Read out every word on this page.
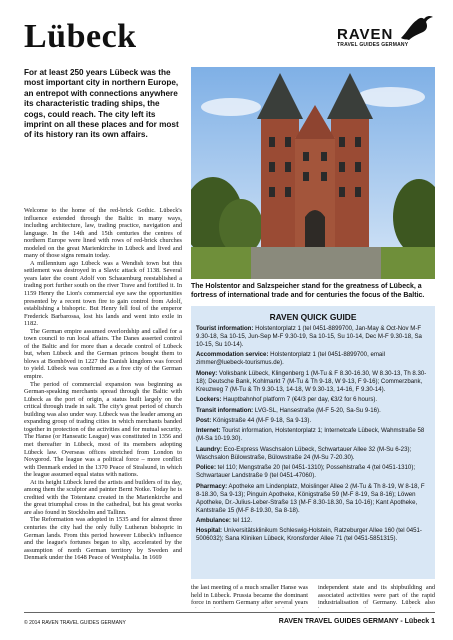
Lübeck	RAVEN
TRAVEL GUIDES GERMANY

For at least 250 years Lübeck was the most important city in northern Europe, an entrepot with connections anywhere its characteristic trading ships, the cogs, could reach. The city left its imprint on all these places and for most of its history ran its own affairs.

Welcome to the home of the red-brick Gothic. Lübeck's influence extended through the Baltic in many ways, including architecture, law, trading practice, navigation and language. In the 14th and 15th centuries the centres of northern Europe were lined with rows of red-brick churches modeled on the great Marienkirche in Lübeck and lived and many of those signs remain today.

A millennium ago Lübeck was a Wendish town but this settlement was destroyed in a Slavic attack of 1138. Several years later the count Adolf von Schauenburg reestablished a trading port further south on the river Trave and fortified it. In 1159 Henry the Lion's commercial eye saw the opportunities presented by a recent town fire to gain control from Adolf, establishing a bishopric. But Henry fell foul of the emperor Frederick Barbarossa, lost his lands and went into exile in 1182.

The German empire assumed overlordship and called for a town council to run local affairs. The Danes asserted control of the Baltic and for more than a decade control of Lübeck but, when Lübeck and the German princes bought them to blows at Bornhöved in 1227 the Danish kingdom was forced to yield. Lübeck was confirmed as a free city of the German empire.

The period of commercial expansion was beginning as German-speaking merchants spread through the Baltic with Lübeck as the port of origin, a status built largely on the critical through trade in salt. The city's great period of church building was also under way. Lübeck was the leader among an expanding group of trading cities in which merchants banded together in protection of the activities and for mutual security. The Hanse (or Hanseatic League) was constituted in 1356 and met thereafter in Lübeck, most of its members adopting Lübeck law. Overseas offices stretched from London to Novgorod. The league was a political force – more conflict with Denmark ended in the 1370 Peace of Stralsund, in which the league assumed equal status with nations.

At its height Lübeck lured the artists and builders of its day, among them the sculptor and painter Bernt Notke. Today he is credited with the Totentanz created in the Marienkirche and the great triumphal cross in the cathedral, but his great works are also found in Stockholm and Tallinn.

The Reformation was adopted in 1535 and for almost three centuries the city had the only fully Lutheran bishopric in German lands. From this period however Lübeck's influence and the league's fortunes began to slip, accelerated by the assumption of north German territory by Sweden and Denmark under the 1648 Peace of Westphalia. In 1669

The Holstentor and Salzspeicher stand for the greatness of Lübeck, a fortress of international trade and for centuries the focus of the Baltic.

RAVEN QUICK GUIDE
Tourist information: Holstentorplatz 1 (tel 0451-8899700, Jan-May & Oct-Nov M-F 9.30-18, Sa 10-15, Jun-Sep M-F 9.30-19, Sa 10-15, Su 10-14, Dec M-F 9.30-18, Sa 10-15, Su 10-14).
Accommodation service: Holstentorplatz 1 (tel 0451-8899700, email zimmer@luebeck-tourismus.de).
Money: Volksbank Lübeck, Klingenberg 1 (M-Tu & F 8.30-16.30, W 8.30-13, Th 8.30-18); Deutsche Bank, Kohlmarkt 7 (M-Tu & Th 9-18, W 9-13, F 9-16); Commerzbank, Kreuzweg 7 (M-Tu & Th 9.30-13, 14-18, W 9.30-13, 14-16, F 9.30-14).
Lockers: Hauptbahnhof platform 7 (€4/3 per day, €3/2 for 6 hours).
Transit information: LVG-SL, Hansestraße (M-F 5-20, Sa-Su 9-16).
Post: Königstraße 44 (M-F 9-18, Sa 9-13).
Internet: Tourist information, Holstentorplatz 1; Internetcafe Lübeck, Wahmstraße 58 (M-Sa 10-19.30).
Laundry: Eco-Express Waschsalon Lübeck, Schwartauer Allee 32 (M-Su 6-23); Waschsalon Bülowstraße, Bülowstraße 24 (M-Su 7-20.30).
Police: tel 110; Mengstraße 20 (tel 0451-1310); Possehlstraße 4 (tel 0451-1310); Schwartauer Landstraße 9 (tel 0451-47060).
Pharmacy: Apotheke am Lindenplatz, Moislinger Allee 2 (M-Tu & Th 8-19, W 8-18, F 8-18.30, Sa 9-13); Pinguin Apotheke, Königstraße 59 (M-F 8-19, Sa 8-16); Löwen Apotheke, Dr.-Julius-Leber-Straße 13 (M-F 8.30-18.30, Sa 10-16); Kant Apotheke, Kantstraße 15 (M-F 8-19.30, Sa 8-18).
Ambulance: tel 112.
Hospital: Universitätsklinikum Schleswig-Holstein, Ratzeburger Allee 160 (tel 0451-5006032); Sana Kliniken Lübeck, Kronsforder Allee 71 (tel 0451-5851315).
the last meeting of a much smaller Hanse was held in Lübeck. Prussia became the dominant force in northern Germany after several years
independent state and its shipbuilding and associated activities were part of the rapid industrialisation of Germany. Lübeck also
© 2014 RAVEN TRAVEL GUIDES GERMANY	RAVEN TRAVEL GUIDES GERMANY - Lübeck 1
